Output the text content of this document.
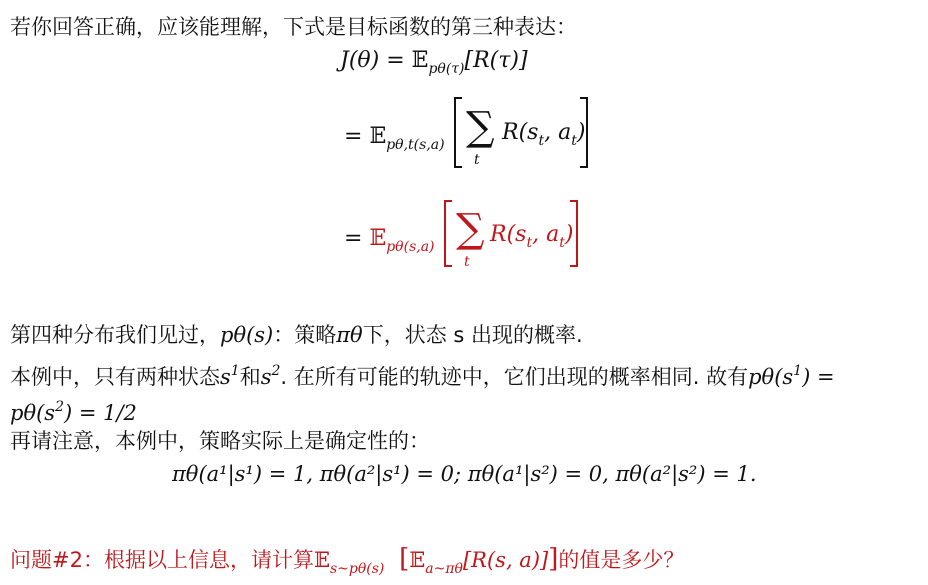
若你回答正确，应该能理解，下式是目标函数的第三种表达：
J(θ) = 𝔼$_{p\theta(\tau)}$[R(τ)]
= 𝔼$_{p\theta,t(s,a)}$ ∑
t
$R(s_t$, $a_t$)
= 𝔼$_{p\theta(s,a)}$ ∑
t
$R(s_t$, $a_t$)
第四种分布我们见过，pθ(s)：策略πθ下，状态 s 出现的概率.
本例中，只有两种状态$s^1$和$s^2$. 在所有可能的轨迹中，它们出现的概率相同. 故有$p\theta(s^1)$ =
$p\theta(s^2) = 1/2$
再请注意，本例中，策略实际上是确定性的：
πθ(a¹|s¹) = 1, πθ(a²|s¹) = 0; πθ(a¹|s²) = 0, πθ(a²|s²) = 1.
问题#2：根据以上信息，请计算𝔼$_{s\sim p\theta(s)}$ [𝔼$_{a\sim\pi\theta}$[R(s, a)]]的值是多少？
